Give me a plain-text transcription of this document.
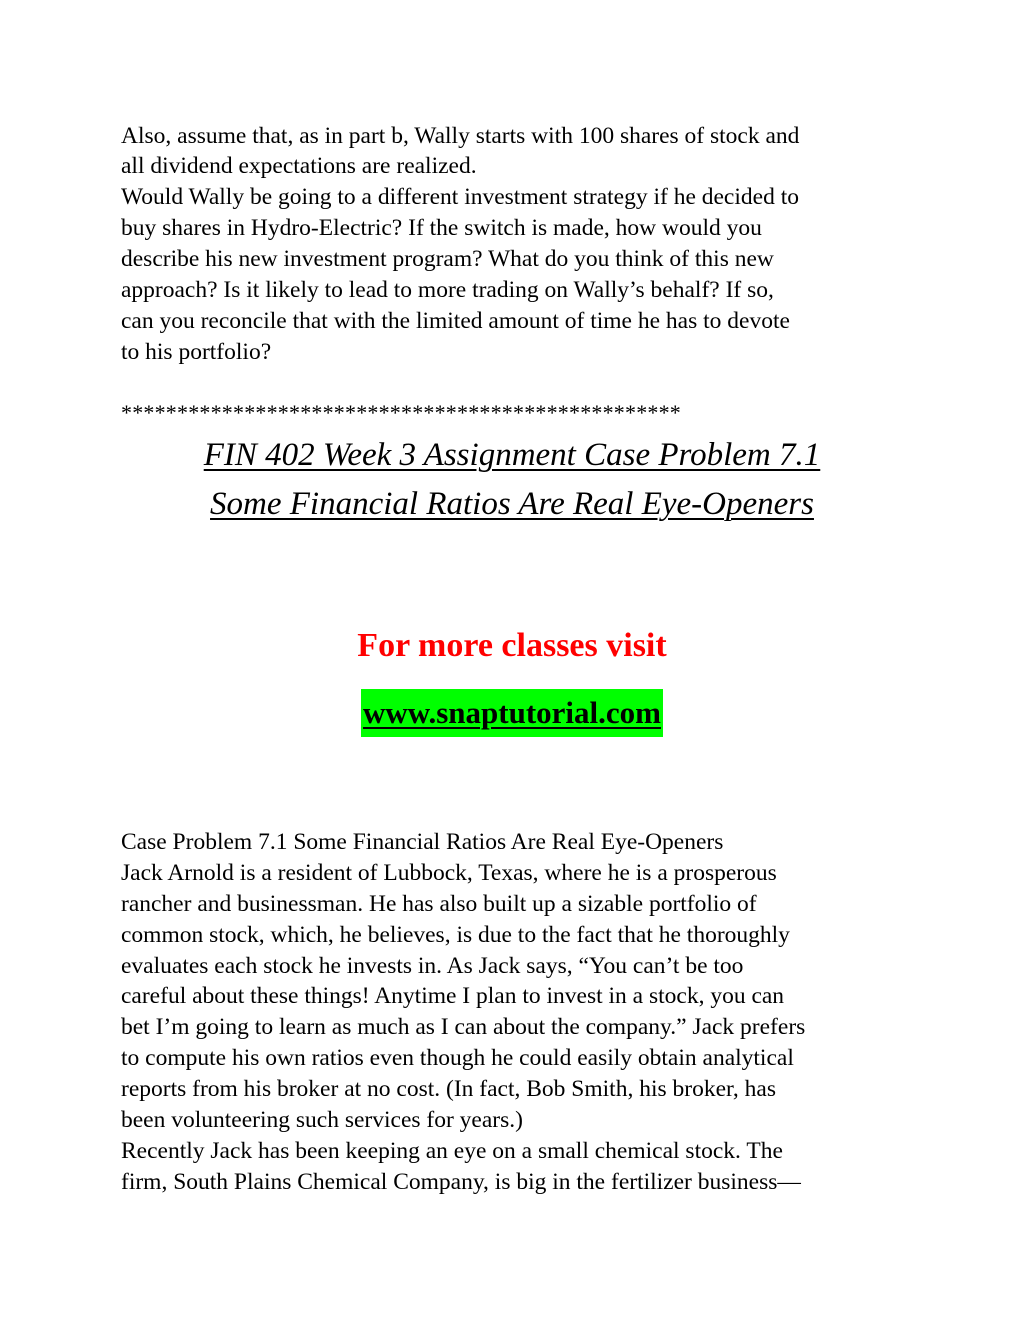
Also, assume that, as in part b, Wally starts with 100 shares of stock and
all dividend expectations are realized.
Would Wally be going to a different investment strategy if he decided to
buy shares in Hydro-Electric? If the switch is made, how would you
describe his new investment program? What do you think of this new
approach? Is it likely to lead to more trading on Wally’s behalf? If so,
can you reconcile that with the limited amount of time he has to devote
to his portfolio?
**************************************************
FIN 402 Week 3 Assignment Case Problem 7.1
Some Financial Ratios Are Real Eye-Openers
For more classes visit
www.snaptutorial.com
Case Problem 7.1 Some Financial Ratios Are Real Eye-Openers
Jack Arnold is a resident of Lubbock, Texas, where he is a prosperous
rancher and businessman. He has also built up a sizable portfolio of
common stock, which, he believes, is due to the fact that he thoroughly
evaluates each stock he invests in. As Jack says, “You can’t be too
careful about these things! Anytime I plan to invest in a stock, you can
bet I’m going to learn as much as I can about the company.” Jack prefers
to compute his own ratios even though he could easily obtain analytical
reports from his broker at no cost. (In fact, Bob Smith, his broker, has
been volunteering such services for years.)
Recently Jack has been keeping an eye on a small chemical stock. The
firm, South Plains Chemical Company, is big in the fertilizer business—
